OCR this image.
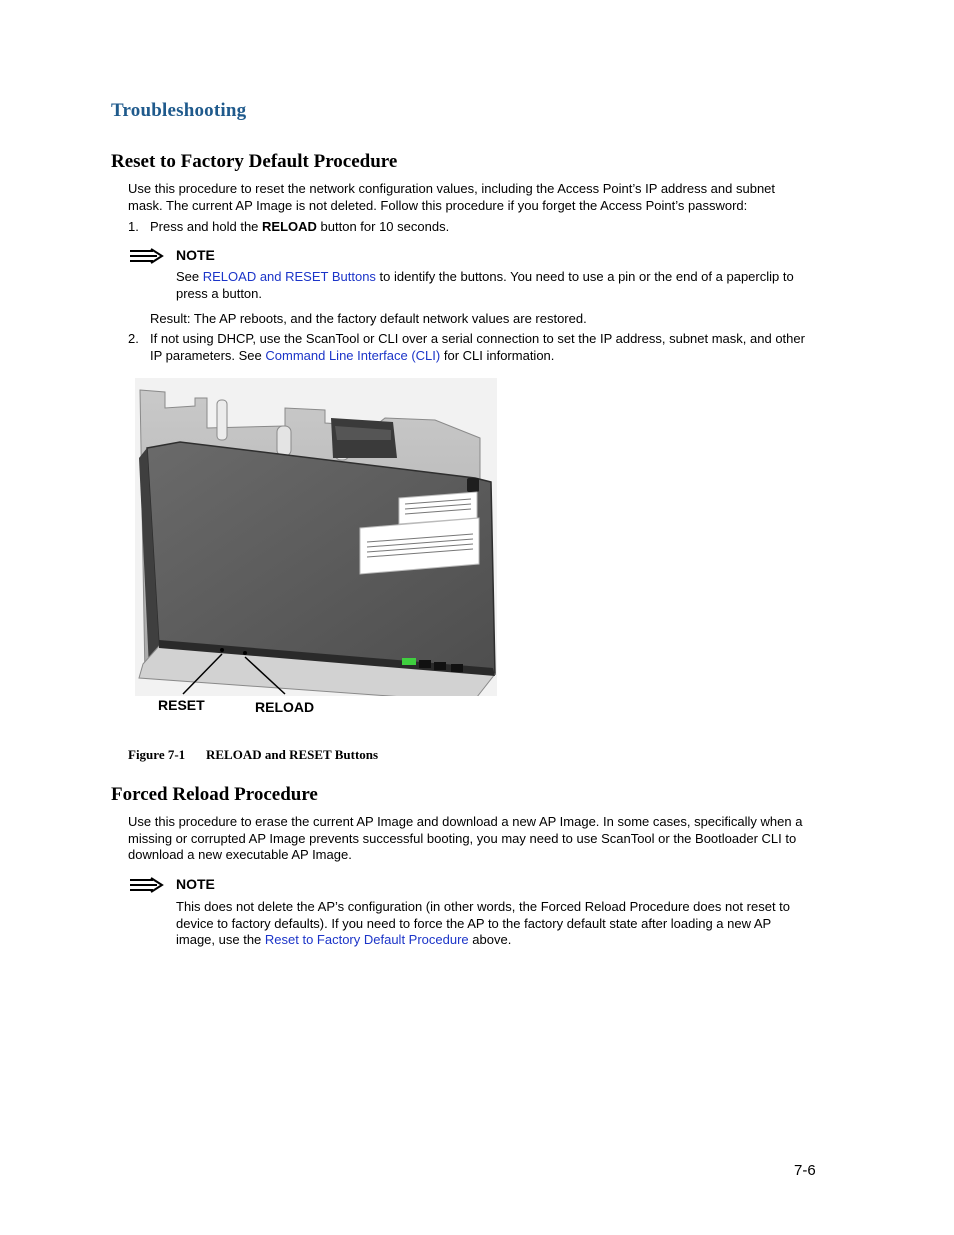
Troubleshooting
Reset to Factory Default Procedure
Use this procedure to reset the network configuration values, including the Access Point’s IP address and subnet
mask. The current AP Image is not deleted. Follow this procedure if you forget the Access Point’s password:
1. Press and hold the RELOAD button for 10 seconds.
NOTE
See RELOAD and RESET Buttons to identify the buttons. You need to use a pin or the end of a paperclip to
press a button.
Result: The AP reboots, and the factory default network values are restored.
2. If not using DHCP, use the ScanTool or CLI over a serial connection to set the IP address, subnet mask, and other
IP parameters. See Command Line Interface (CLI) for CLI information.
RESET	RELOAD
Figure 7-1 RELOAD and RESET Buttons
Forced Reload Procedure
Use this procedure to erase the current AP Image and download a new AP Image. In some cases, specifically when a
missing or corrupted AP Image prevents successful booting, you may need to use ScanTool or the Bootloader CLI to
download a new executable AP Image.
NOTE
This does not delete the AP’s configuration (in other words, the Forced Reload Procedure does not reset to
device to factory defaults). If you need to force the AP to the factory default state after loading a new AP
image, use the Reset to Factory Default Procedure above.
7-6
